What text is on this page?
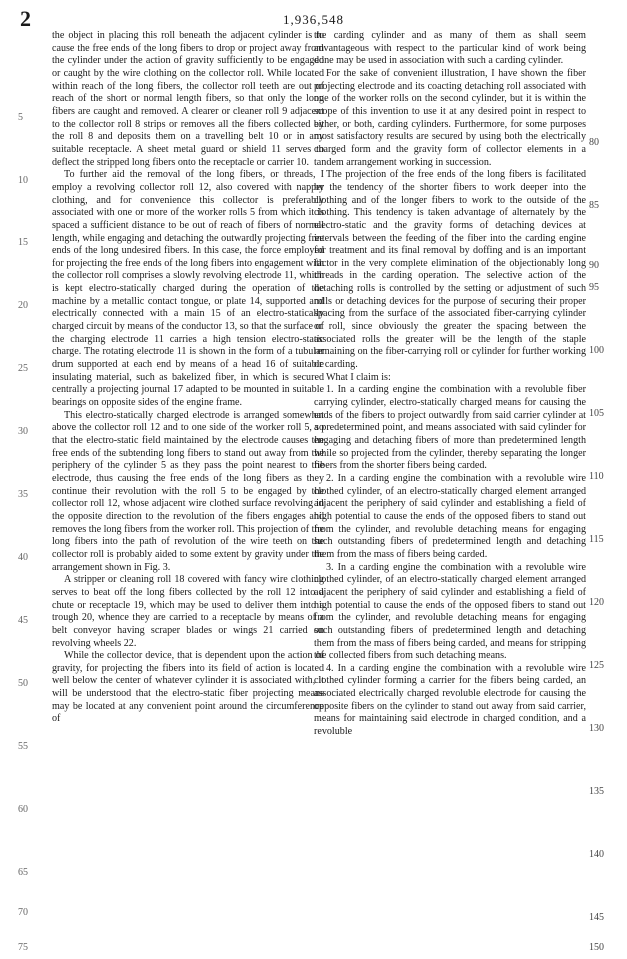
2	1,936,548

the object in placing this roll beneath the adjacent cylinder is to cause the free ends of the long fibers to drop or project away from the cylinder under the action of gravity sufficiently to be engaged or caught by the wire clothing on the collector roll. While located within reach of the long fibers, the collector roll teeth are out of reach of the short or normal length fibers, so that only the long fibers are caught and removed. A clearer or cleaner roll 9 adjacent to the collector roll 8 strips or removes all the fibers collected by the roll 8 and deposits them on a travelling belt 10 or in any suitable receptacle. A sheet metal guard or shield 11 serves to deflect the stripped long fibers onto the receptacle or carrier 10.

To further aid the removal of the long fibers, or threads, I employ a revolving collector roll 12, also covered with napper clothing, and for convenience this collector is preferably associated with one or more of the worker rolls 5 from which it is spaced a sufficient distance to be out of reach of fibers of normal length, while engaging and detaching the outwardly projecting free ends of the long undesired fibers. In this case, the force employed for projecting the free ends of the long fibers into engagement with the collector roll comprises a slowly revolving electrode 11, which is kept electro-statically charged during the operation of the machine by a metallic contact tongue, or plate 14, supported and electrically connected with a main 15 of an electro-statically charged circuit by means of the conductor 13, so that the surface of the charging electrode 11 carries a high tension electro-static charge. The rotating electrode 11 is shown in the form of a tubular drum supported at each end by means of a head 16 of suitable insulating material, such as bakelized fiber, in which is secured centrally a projecting journal 17 adapted to be mounted in suitable bearings on opposite sides of the engine frame.

This electro-statically charged electrode is arranged somewhat above the collector roll 12 and to one side of the worker roll 5, so that the electro-static field maintained by the electrode causes the free ends of the subtending long fibers to stand out away from the periphery of the cylinder 5 as they pass the point nearest to the electrode, thus causing the free ends of the long fibers as they continue their revolution with the roll 5 to be engaged by the collector roll 12, whose adjacent wire clothed surface revolving in the opposite direction to the revolution of the fibers engages and removes the long fibers from the worker roll. This projection of the long fibers into the path of revolution of the wire teeth on the collector roll is probably aided to some extent by gravity under the arrangement shown in Fig. 3.

A stripper or cleaning roll 18 covered with fancy wire clothing serves to beat off the long fibers collected by the roll 12 into a chute or receptacle 19, which may be used to deliver them into a trough 20, whence they are carried to a receptacle by means of a belt conveyor having scraper blades or wings 21 carried on revolving wheels 22.

While the collector device, that is dependent upon the action of gravity, for projecting the fibers into its field of action is located well below the center of whatever cylinder it is associated with, it will be understood that the electro-static fiber projecting means may be located at any convenient point around the circumference of

the carding cylinder and as many of them as shall seem advantageous with respect to the particular kind of work being done may be used in association with such a carding cylinder.

For the sake of convenient illustration, I have shown the fiber projecting electrode and its coacting detaching roll associated with one of the worker rolls on the second cylinder, but it is within the scope of this invention to use it at any desired point in respect to either, or both, carding cylinders. Furthermore, for some purposes most satisfactory results are secured by using both the electrically charged form and the gravity form of collector elements in a tandem arrangement working in succession.

The projection of the free ends of the long fibers is facilitated by the tendency of the shorter fibers to work deeper into the clothing and of the longer fibers to work to the outside of the clothing. This tendency is taken advantage of alternately by the electro-static and the gravity forms of detaching devices at intervals between the feeding of the fiber into the carding engine for treatment and its final removal by doffing and is an important factor in the very complete elimination of the objectionably long threads in the carding operation. The selective action of the detaching rolls is controlled by the setting or adjustment of such rolls or detaching devices for the purpose of securing their proper spacing from the surface of the associated fiber-carrying cylinder or roll, since obviously the greater the spacing between the associated rolls the greater will be the length of the staple remaining on the fiber-carrying roll or cylinder for further working or carding.

What I claim is:

1. In a carding engine the combination with a revoluble fiber carrying cylinder, electro-statically charged means for causing the ends of the fibers to project outwardly from said carrier cylinder at a predetermined point, and means associated with said cylinder for engaging and detaching fibers of more than predetermined length while so projected from the cylinder, thereby separating the longer fibers from the shorter fibers being carded.

2. In a carding engine the combination with a revoluble wire clothed cylinder, of an electro-statically charged element arranged adjacent the periphery of said cylinder and establishing a field of high potential to cause the ends of the opposed fibers to stand out from the cylinder, and revoluble detaching means for engaging such outstanding fibers of predetermined length and detaching them from the mass of fibers being carded.

3. In a carding engine the combination with a revoluble wire clothed cylinder, of an electro-statically charged element arranged adjacent the periphery of said cylinder and establishing a field of high potential to cause the ends of the opposed fibers to stand out from the cylinder, and revoluble detaching means for engaging such outstanding fibers of predetermined length and detaching them from the mass of fibers being carded, and means for stripping the collected fibers from such detaching means.

4. In a carding engine the combination with a revoluble wire clothed cylinder forming a carrier for the fibers being carded, an associated electrically charged revoluble electrode for causing the opposite fibers on the cylinder to stand out away from said carrier, means for maintaining said electrode in charged condition, and a revoluble

5
10
15
20
25
30
35
40
45
50
55
60
65
70
75
80
85
90
95
100
105
110
115
120
125
130
135
140
145
150
